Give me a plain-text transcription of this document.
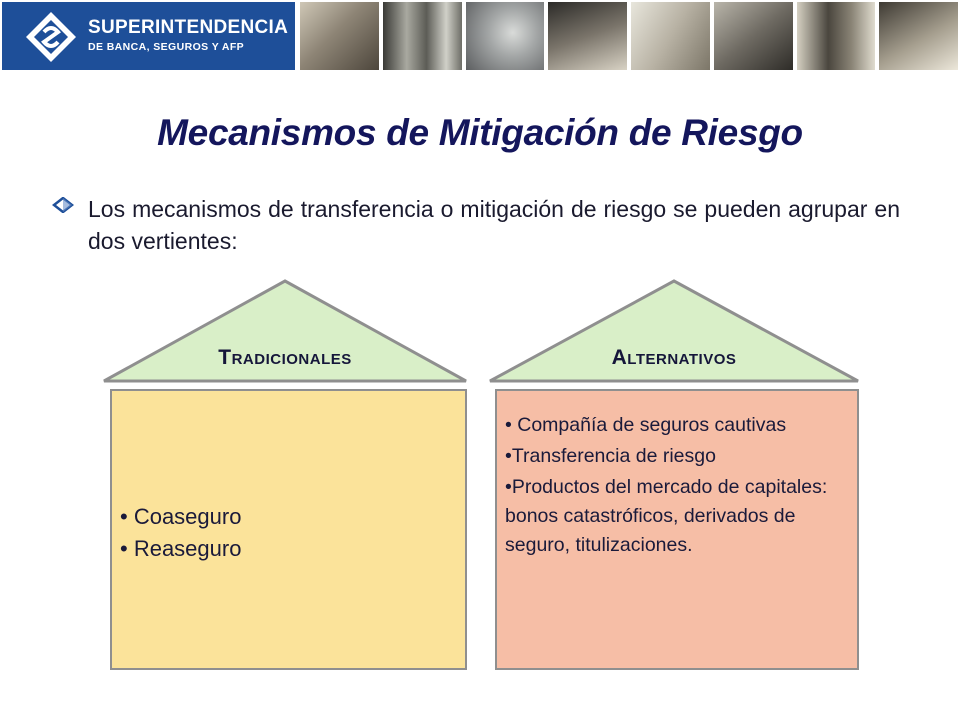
SUPERINTENDENCIA
DE BANCA, SEGUROS Y AFP
Mecanismos de Mitigación de Riesgo

Los mecanismos de transferencia o mitigación de riesgo se pueden agrupar en dos vertientes:

TRADICIONALES
• Coaseguro
• Reaseguro
ALTERNATIVOS
• Compañía de seguros cautivas
•Transferencia de riesgo
•Productos del mercado de capitales: bonos catastróficos, derivados de seguro, titulizaciones.
